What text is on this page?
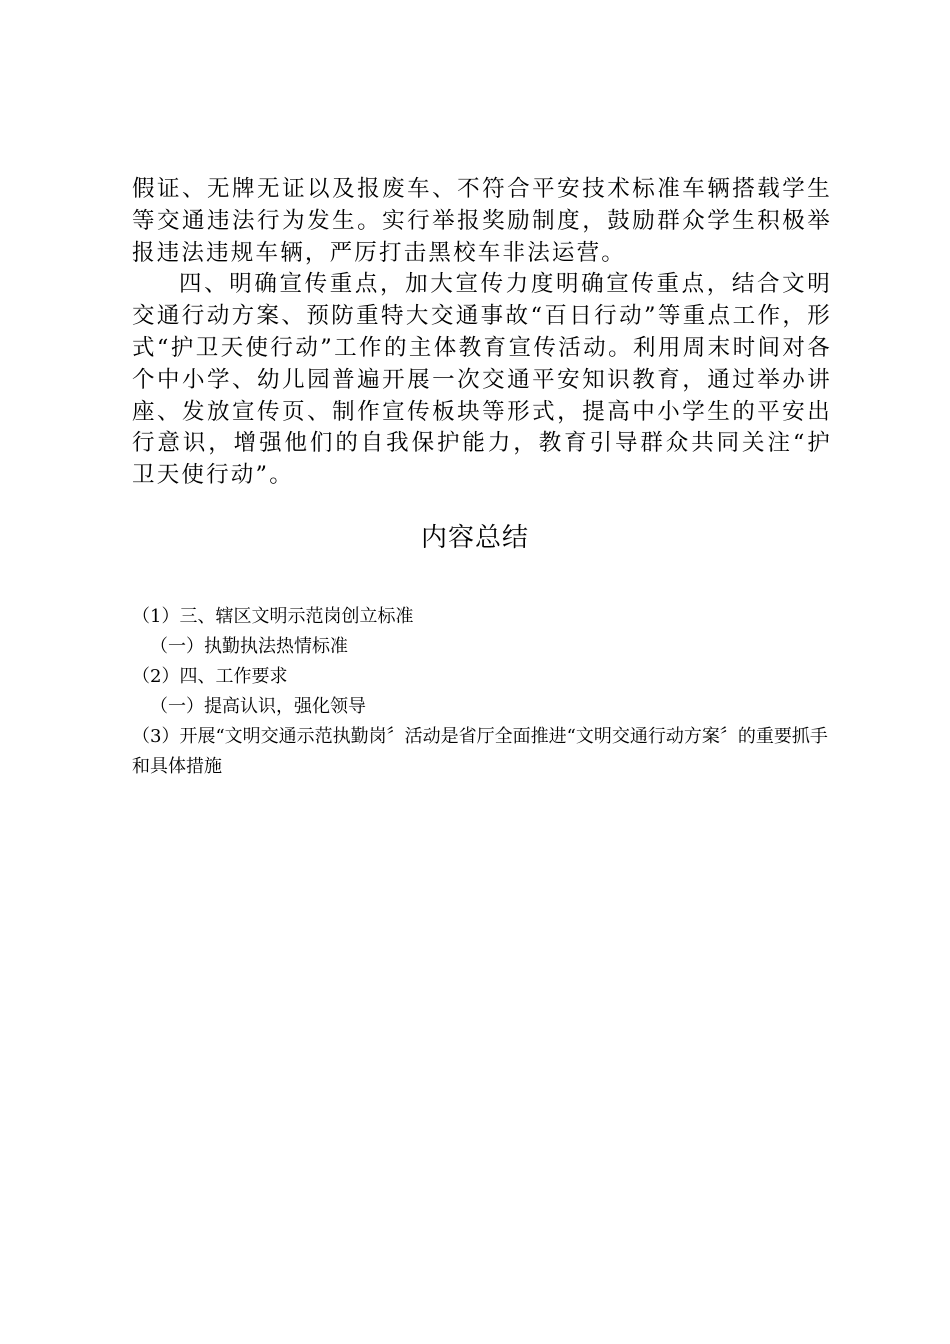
假证、无牌无证以及报废车、不符合平安技术标准车辆搭载学生等交通违法行为发生。实行举报奖励制度，鼓励群众学生积极举报违法违规车辆，严厉打击黑校车非法运营。

四、明确宣传重点，加大宣传力度明确宣传重点，结合文明交通行动方案、预防重特大交通事故“百日行动”等重点工作，形式“护卫天使行动”工作的主体教育宣传活动。利用周末时间对各个中小学、幼儿园普遍开展一次交通平安知识教育，通过举办讲座、发放宣传页、制作宣传板块等形式，提高中小学生的平安出行意识，增强他们的自我保护能力，教育引导群众共同关注“护卫天使行动”。

内容总结
（1）三、辖区文明示范岗创立标准
（一）执勤执法热情标准
（2）四、工作要求
（一）提高认识，强化领导
（3）开展“文明交通示范执勤岗〞活动是省厅全面推进“文明交通行动方案〞的重要抓手和具体措施
